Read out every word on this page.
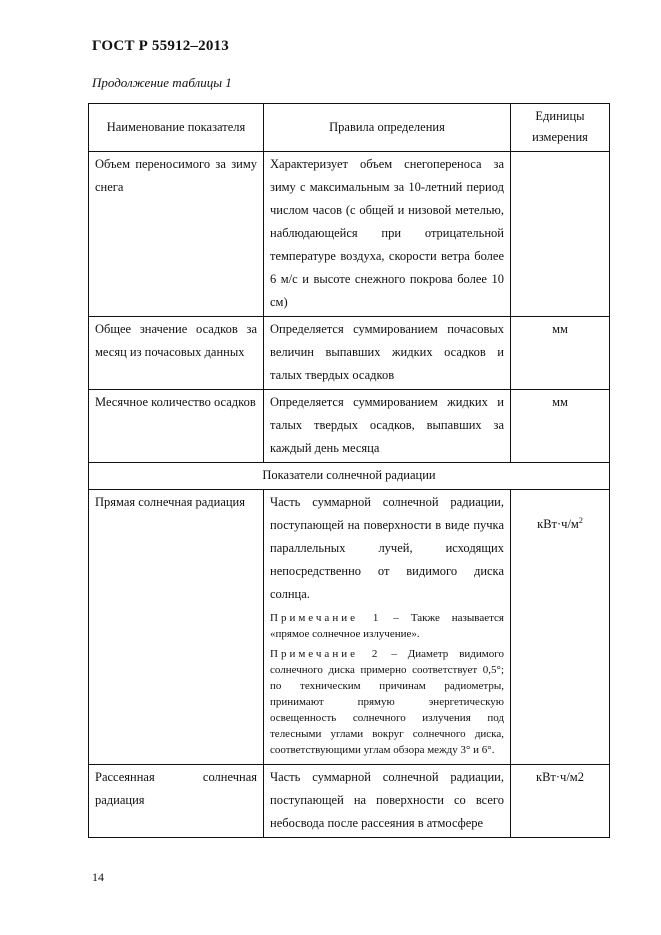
ГОСТ Р 55912–2013
Продолжение таблицы 1
Наименование показателя	Правила определения	Единицы измерения
Объем переносимого за зиму снега	Характеризует объем снегопереноса за зиму с максимальным за 10-летний период числом часов (с общей и низовой метелью, наблюдающейся при отрицательной температуре воздуха, скорости ветра более 6 м/с и высоте снежного покрова более 10 см)	
Общее значение осадков за месяц из почасовых данных	Определяется суммированием почасовых величин выпавших жидких осадков и талых твердых осадков	мм
Месячное количество осадков	Определяется суммированием жидких и талых твердых осадков, выпавших за каждый день месяца	мм
Показатели солнечной радиации		
Прямая солнечная радиация	Часть суммарной солнечной радиации, поступающей на поверхности в виде пучка параллельных лучей, исходящих непосредственно от видимого диска солнца.
Примечание 1 – Также называется «прямое солнечное излучение».
Примечание 2 – Диаметр видимого солнечного диска примерно соответствует 0,5°; по техническим причинам радиометры, принимают прямую энергетическую освещенность солнечного излучения под телесными углами вокруг солнечного диска, соответствующими углам обзора между 3° и 6°.	$кВт\cdot ч/м^2$
Рассеянная солнечная радиация	Часть суммарной солнечной радиации, поступающей на поверхности со всего небосвода после рассеяния в атмосфере	кВт·ч/м2
14
